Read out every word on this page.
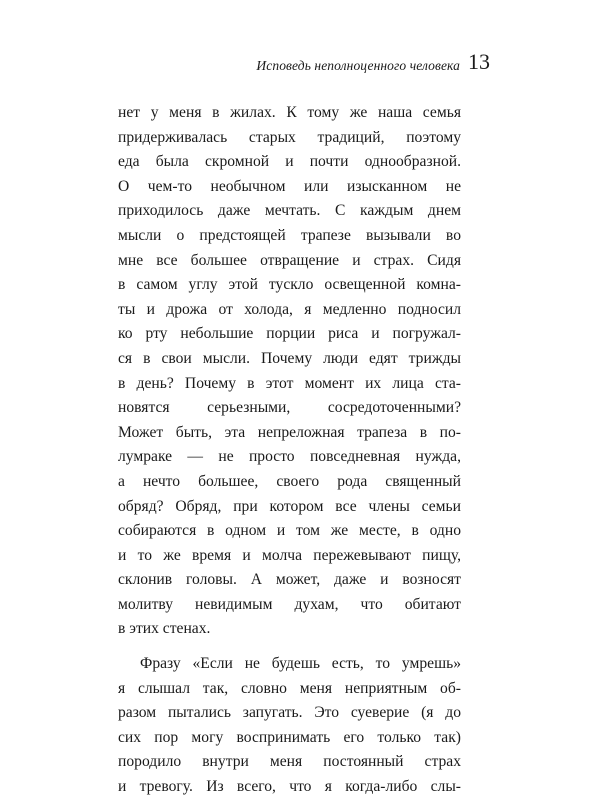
Исповедь неполноценного человека 13
нет у меня в жилах. К тому же наша семья
придерживалась старых традиций, поэтому
еда была скромной и почти однообразной.
О чем-то необычном или изысканном не
приходилось даже мечтать. С каждым днем
мысли о предстоящей трапезе вызывали во
мне все большее отвращение и страх. Сидя
в самом углу этой тускло освещенной комна-
ты и дрожа от холода, я медленно подносил
ко рту небольшие порции риса и погружал-
ся в свои мысли. Почему люди едят трижды
в день? Почему в этот момент их лица ста-
новятся серьезными, сосредоточенными?
Может быть, эта непреложная трапеза в по-
лумраке — не просто повседневная нужда,
а нечто большее, своего рода священный
обряд? Обряд, при котором все члены семьи
собираются в одном и том же месте, в одно
и то же время и молча пережевывают пищу,
склонив головы. А может, даже и возносят
молитву невидимым духам, что обитают
в этих стенах.
Фразу «Если не будешь есть, то умрешь»
я слышал так, словно меня неприятным об-
разом пытались запугать. Это суеверие (я до
сих пор могу воспринимать его только так)
породило внутри меня постоянный страх
и тревогу. Из всего, что я когда-либо слы-
